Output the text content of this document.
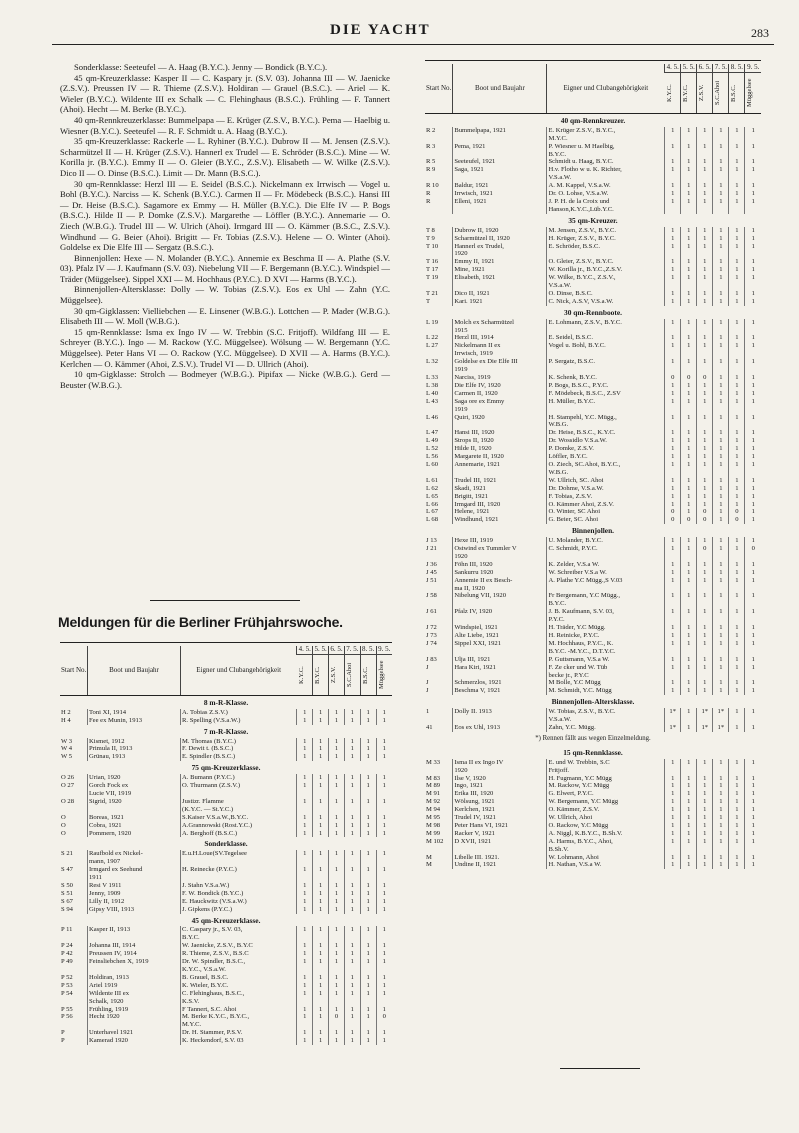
DIE YACHT	283

Sonderklasse: Seeteufel — A. Haag (B.Y.C.). Jenny — Bondick (B.Y.C.).

45 qm-Kreuzerklasse: Kasper II — C. Kaspary jr. (S.V. 03). Johanna III — W. Jaenicke (Z.S.V.). Preussen IV — R. Thieme (Z.S.V.). Holdiran — Grauel (B.S.C.). — Ariel — K. Wieler (B.Y.C.). Wildente III ex Schalk — C. Flehinghaus (B.S.C.). Frühling — F. Tannert (Ahoi). Hecht — M. Berke (B.Y.C.).

40 qm-Rennkreuzerklasse: Bummelpapa — E. Krüger (Z.S.V., B.Y.C.). Pema — Haelbig u. Wiesner (B.Y.C.). Seeteufel — R. F. Schmidt u. A. Haag (B.Y.C.).

35 qm-Kreuzerklasse: Rackerle — L. Ryhiner (B.Y.C.). Dubrow II — M. Jensen (Z.S.V.). Scharmützel II — H. Krüger (Z.S.V.). Hannerl ex Trudel — E. Schröder (B.S.C.). Mine — W. Korilla jr. (B.Y.C.). Emmy II — O. Gleier (B.Y.C., Z.S.V.). Elisabeth — W. Wilke (Z.S.V.). Dico II — O. Dinse (B.S.C.). Limit — Dr. Mann (B.S.C.).

30 qm-Rennklasse: Herzl III — E. Seidel (B.S.C.). Nickelmann ex Irrwisch — Vogel u. Bohl (B.Y.C.). Narciss — K. Schenk (B.Y.C.). Carmen II — Fr. Mödebeck (B.S.C.). Hansi III — Dr. Heise (B.S.C.). Sagamore ex Emmy — H. Müller (B.Y.C.). Die Elfe IV — P. Bogs (B.S.C.). Hilde II — P. Domke (Z.S.V.). Margarethe — Löffler (B.Y.C.). Annemarie — O. Ziech (W.B.G.). Trudel III — W. Ulrich (Ahoi). Irmgard III — O. Kämmer (B.S.C., Z.S.V.). Windhund — G. Beier (Ahoi). Brigitt — Fr. Tobias (Z.S.V.). Helene — O. Winter (Ahoi). Goldelse ex Die Elfe III — Sergatz (B.S.C.).

Binnenjollen: Hexe — N. Molander (B.Y.C.). Annemie ex Beschma II — A. Plathe (S.V. 03). Pfalz IV — J. Kaufmann (S.V. 03). Niebelung VII — F. Bergemann (B.Y.C.). Windspiel — Träder (Müggelsee). Sippel XXI — M. Hochhaus (P.Y.C.). D XVI — Harms (B.Y.C.).

Binnenjollen-Altersklasse: Dolly — W. Tobias (Z.S.V.). Eos ex Uhl — Zahn (Y.C. Müggelsee).

30 qm-Gigklassen: Vielliebchen — E. Linsener (W.B.G.). Lottchen — P. Mader (W.B.G.). Elisabeth III — W. Moll (W.B.G.).

15 qm-Rennklasse: Isma ex Ingo IV — W. Trebbin (S.C. Fritjoff). Wildfang III — E. Schreyer (B.Y.C.). Ingo — M. Rackow (Y.C. Müggelsee). Wölsung — W. Bergemann (Y.C. Müggelsee). Peter Hans VI — O. Rackow (Y.C. Müggelsee). D XVII — A. Harms (B.Y.C.). Kerlchen — O. Kämmer (Ahoi, Z.S.V.). Trudel VI — D. Ullrich (Ahoi).

10 qm-Gigklasse: Strolch — Bodmeyer (W.B.G.). Pipifax — Nicke (W.B.G.). Gerd — Beuster (W.B.G.).

Meldungen für die Berliner Frühjahrswoche.
Start No.	Boot und Baujahr	Eigner und Clubangehörigkeit	4. 5.	5. 5.	6. 5.	7. 5.	8. 5.	9. 5.

			K.Y.C.	B.Y.C.	Z.S.V.	S.C.Ahoi	B.S.C.	Müggelsee

8 m-R-Klasse.								
H 2	Toni XI, 1914	A. Tobias Z.S.V.)	1	1	1	1	1	1
H 4	Fee ex Munin, 1913	R. Spelling (V.S.a.W.)	1	1	1	1	1	1
7 m-R-Klasse.								
W 3	Kismet, 1912	M. Thomas (B.Y.C.)	1	1	1	1	1	1
W 4	Primula II, 1913	F. Dewit t. (B.S.C.)	1	1	1	1	1	1
W 5	Grünau, 1913	E. Spindler (B.S.C.)	1	1	1	1	1	1
75 qm-Kreuzerklasse.								
O 26	Urian, 1920	A. Bumann (P.Y.C.)	1	1	1	1	1	1
O 27	Gorch Fock ex	O. Thurmann (Z.S.V.)	1	1	1	1	1	1
	Lucie VII, 1919							
O 28	Sigrid, 1920	Justizr. Flamme	1	1	1	1	1	1
		(K.Y.C. — St.Y.C.)						
O	Boreas, 1921	S.Kaiser V.S.a.W.,B.Y.C.	1	1	1	1	1	1
O	Cobra, 1921	A.Grannowski (Rost.Y.C.)	1	1	1	1	1	1
O	Pommern, 1920	A. Berghoff (B.S.C.)	1	1	1	1	1	1
Sonderklasse.								
S 21	Raufbold ex Nickel-	E.u.H.Loue(SV.Tegelsee	1	1	1	1	1	1
	mann, 1907							
S 47	Irmgard ex Seehund	H. Reinecke (P.Y.C.)	1	1	1	1	1	1
	1911							
S 50	Resi V 1911	J. Stahn V.S.a.W.)	1	1	1	1	1	1
S 51	Jenny, 1909	F. W. Bondick (B.Y.C.)	1	1	1	1	1	1
S 67	Lilly II, 1912	E. Hauckwitz (V.S.a.W.)	1	1	1	1	1	1
S 94	Gipsy VIII, 1913	J. Gipkens (P.Y.C.)	1	1	1	1	1	1
45 qm-Kreuzerklasse.								
P 11	Kasper II, 1913	C. Caspary jr., S.V. 03,	1	1	1	1	1	1
		B.Y.C.						
P 24	Johanna III, 1914	W. Jaenicke, Z.S.V., B.Y.C	1	1	1	1	1	1
P 42	Preussen IV, 1914	R. Thieme, Z.S.V., B.S.C	1	1	1	1	1	1
P 49	Feinsliebchen X, 1919	Dr. W. Spindler, B.S.C.,	1	1	1	1	1	1
		K.Y.C., V.S.a.W.						
P 52	Holdiran, 1913	B. Grauel, B.S.C.	1	1	1	1	1	1
P 53	Ariel 1919	K. Wieler, B.Y.C.	1	1	1	1	1	1
P 54	Wildente III ex	C. Flehinghaus, B.S.C.,	1	1	1	1	1	1
	Schalk, 1920	K.S.V.						
P 55	Frühling, 1919	F Tannert, S.C. Ahoi	1	1	1	1	1	1
P 56	Hecht 1920	M. Berke K.Y.C., B.Y.C.,	1	1	0	1	1	0
		M.Y.C.						
P	Unterhavel 1921	Dr. H. Stammer, P.S.V.	1	1	1	1	1	1
P	Kamerad 1920	K. Heckendorf, S.V. 03	1	1	1	1	1	1
Start No.	Boot und Baujahr	Eigner und Clubangehörigkeit	4. 5.	5. 5.	6. 5.	7. 5.	8. 5.	9. 5.

			K.Y.C.	B.Y.C.	Z.S.V.	S.C.Ahoi	B.S.C.	Müggelsee

40 qm-Rennkreuzer.								
R 2	Bummelpapa, 1921	E. Krüger Z.S.V., B.Y.C.,	1	1	1	1	1	1
		M.Y.C.						
R 3	Pema, 1921	P. Wiesner u. M Haelbig,	1	1	1	1	1	1
		B.Y.C.						
R 5	Seeteufel, 1921	Schmidt u. Haag, B.Y.C.	1	1	1	1	1	1
R 9	Saga, 1921	H.v. Flotho w u. K. Richter,	1	1	1	1	1	1
		V.S.a.W.						
R 10	Baldur, 1921	A. M. Kappel, V.S.a.W.	1	1	1	1	1	1
R	Irrwisch, 1921	Dr. O. Lohse, V.S.a.W.	1	1	1	1	1	1
R	Elleni, 1921	J. P. H. de la Croix und	1	1	1	1	1	1
		Hanson,K.Y.C.,Lüb.Y.C.						
35 qm-Kreuzer.								
T 8	Dubrow II, 1920	M. Jensen, Z.S.V., B.Y.C.	1	1	1	1	1	1
T 9	Scharmützel II, 1920	H. Krüger, Z.S.V., B.Y.C.	1	1	1	1	1	1
T 10	Hannerl ex Trudel,	E. Schröder, B.S.C.	1	1	1	1	1	1
	1920							
T 16	Emmy II, 1921	O. Gleier, Z.S.V., B.Y.C.	1	1	1	1	1	1
T 17	Mine, 1921	W. Korilla jr., B.Y.C.,Z.S.V.	1	1	1	1	1	1
T 19	Elisabeth, 1921	W. Wilke, B.Y.C., Z.S.V.,	1	1	1	1	1	1
		V.S.a.W.						
T 21	Dico II, 1921	O. Dinse, B.S.C.	1	1	1	1	1	1
T	Kari. 1921	C. Nick, A.S.V, V.S.a.W.	1	1	1	1	1	1
30 qm-Rennboote.								
L 19	Molch ex Scharmützel	E. Lohmann, Z.S.V., B.Y.C.	1	1	1	1	1	1
	1915							
L 22	Herzl III, 1914	E. Seidel, B.S.C.	1	1	1	1	1	1
L 27	Nickelmann II ex	Vogel u. Bohl, B.Y.C.	1	1	1	1	1	1
	Irrwisch, 1919							
L 32	Goldelse ex Die Elfe III	P. Sergatz, B.S.C.	1	1	1	1	1	1
	1919							
L 33	Narciss, 1919	K. Schenk, B.Y.C.	0	0	0	1	1	1
L 38	Die Elfe IV, 1920	P. Bogs, B.S.C., P.Y.C.	1	1	1	1	1	1
L 40	Carmen II, 1920	F. Mödebeck, B.S.C., Z.SV	1	1	1	1	1	1
L 43	Saga ore ex Emmy	H. Müller, B.Y.C.	1	1	1	1	1	1
	1919							
L 46	Quiri, 1920	H. Stampehl, Y.C. Mügg.,	1	1	1	1	1	1
		W.B.G.						
L 47	Hansi III, 1920	Dr. Heise, B.S.C., K.Y.C.	1	1	1	1	1	1
L 49	Strops II, 1920	Dr. Wossidlo V.S.a.W.	1	1	1	1	1	1
L 52	Hilde II, 1920	P. Domke, Z.S.V.	1	1	1	1	1	1
L 56	Margarete II, 1920	Löffler, B.Y.C.	1	1	1	1	1	1
L 60	Annemarie, 1921	O. Ziech, SC.Ahoi, B.Y.C.,	1	1	1	1	1	1
		W.B.G.						
L 61	Trudel III, 1921	W. Ullrich, SC. Ahoi	1	1	1	1	1	1
L 62	Skadi, 1921	Dr. Dohme, V.S.a.W.	1	1	1	1	1	1
L 65	Brigitt, 1921	F. Tobias, Z.S.V.	1	1	1	1	1	1
L 66	Irmgard III, 1920	O. Kämmer Ahoi, Z.S.V.	1	1	1	1	1	1
L 67	Helene, 1921	O. Winter, SC Ahoi	0	1	0	1	0	1
L 68	Windhund, 1921	G. Beier, SC. Ahoi	0	0	0	1	0	1
Binnenjollen.								
J 13	Hexe III, 1919	U. Molander, B.Y.C.	1	1	1	1	1	1
J 21	Ostwind ex Tummler V	C. Schmidt, P.Y.C.	1	1	0	1	1	0
	1920							
J 36	Föhn III, 1920	K. Zelder, V.S.a W.	1	1	1	1	1	1
J 45	Sankurru 1920	W. Schreiber V.S.a W.	1	1	1	1	1	1
J 51	Annemie II ex Besch-	A. Plathe Y.C Mügg.,S V.03	1	1	1	1	1	1
	ma II, 1920							
J 58	Nibelung VII, 1920	Fr Bergemann, Y.C Mügg.,	1	1	1	1	1	1
		B.Y.C.						
J 61	Pfalz IV, 1920	J. B. Kaufmann, S.V. 03,	1	1	1	1	1	1
		P.Y.C.						
J 72	Windspiel, 1921	H. Träder, Y.C Mügg.	1	1	1	1	1	1
J 73	Alte Liebe, 1921	H. Reinicke, P.Y.C.	1	1	1	1	1	1
J 74	Sippel XXI, 1921	M. Hochhaus, P.Y.C., K.	1	1	1	1	1	1
		B.Y.C. -M.Y.C., D.T.Y.C.						
J 83	Ulja III, 1921	P. Guttsmann, V.S.a W.	1	1	1	1	1	1
J	Hara Kiri, 1921	F. Ze cker und W. Tüb	1	1	1	1	1	1
		becke jr., P.Y.C						
J	Schmerzlos, 1921	M Bolle, Y.C Mügg	1	1	1	1	1	1
J	Beschma V, 1921	M. Schmidt, Y.C. Mügg	1	1	1	1	1	1
Binnenjollen-Altersklasse.								
1	Dolly II. 1913	W. Tobias, Z.S.V., B.Y.C.	1*	1	1*	1*	1	1
		V.S.a.W.						
41	Eos ex Uhl, 1913	Zahn, Y.C. Mügg.	1*	1	1*	1*	1	1
*) Rennen fällt aus wegen Einzelmeldung.								
15 qm-Rennklasse.								
M 33	Isma II ex Ingo IV	E. und W. Trebbin, S.C	1	1	1	1	1	1
	1920	Fritjoff.						
M 83	Ilse V, 1920	H. Fugmann, Y.C Mügg	1	1	1	1	1	1
M 89	Ingo, 1921	M. Rackow, Y.C Mügg	1	1	1	1	1	1
M 91	Erika III, 1920	G. Elwert, P.Y.C.	1	1	1	1	1	1
M 92	Wölsung, 1921	W. Bergemann, Y.C Mügg	1	1	1	1	1	1
M 94	Kerlchen, 1921	O. Kämmer, Z.S.V.	1	1	1	1	1	1
M 95	Trudel IV, 1921	W. Ullrich, Ahoi	1	1	1	1	1	1
M 98	Peter Hans VI, 1921	O. Rackow, Y.C Mügg	1	1	1	1	1	1
M 99	Racker V, 1921	A. Niggl, K.B.Y.C., B.Sh.V.	1	1	1	1	1	1
M 102	D XVII, 1921	A. Harms, B.Y.C., Ahoi,	1	1	1	1	1	1
		B.Sh.V.						
M	Libelle III. 1921.	W. Lohmann, Ahoi	1	1	1	1	1	1
M	Undine II, 1921	H. Nathan, V.S.a W.	1	1	1	1	1	1
